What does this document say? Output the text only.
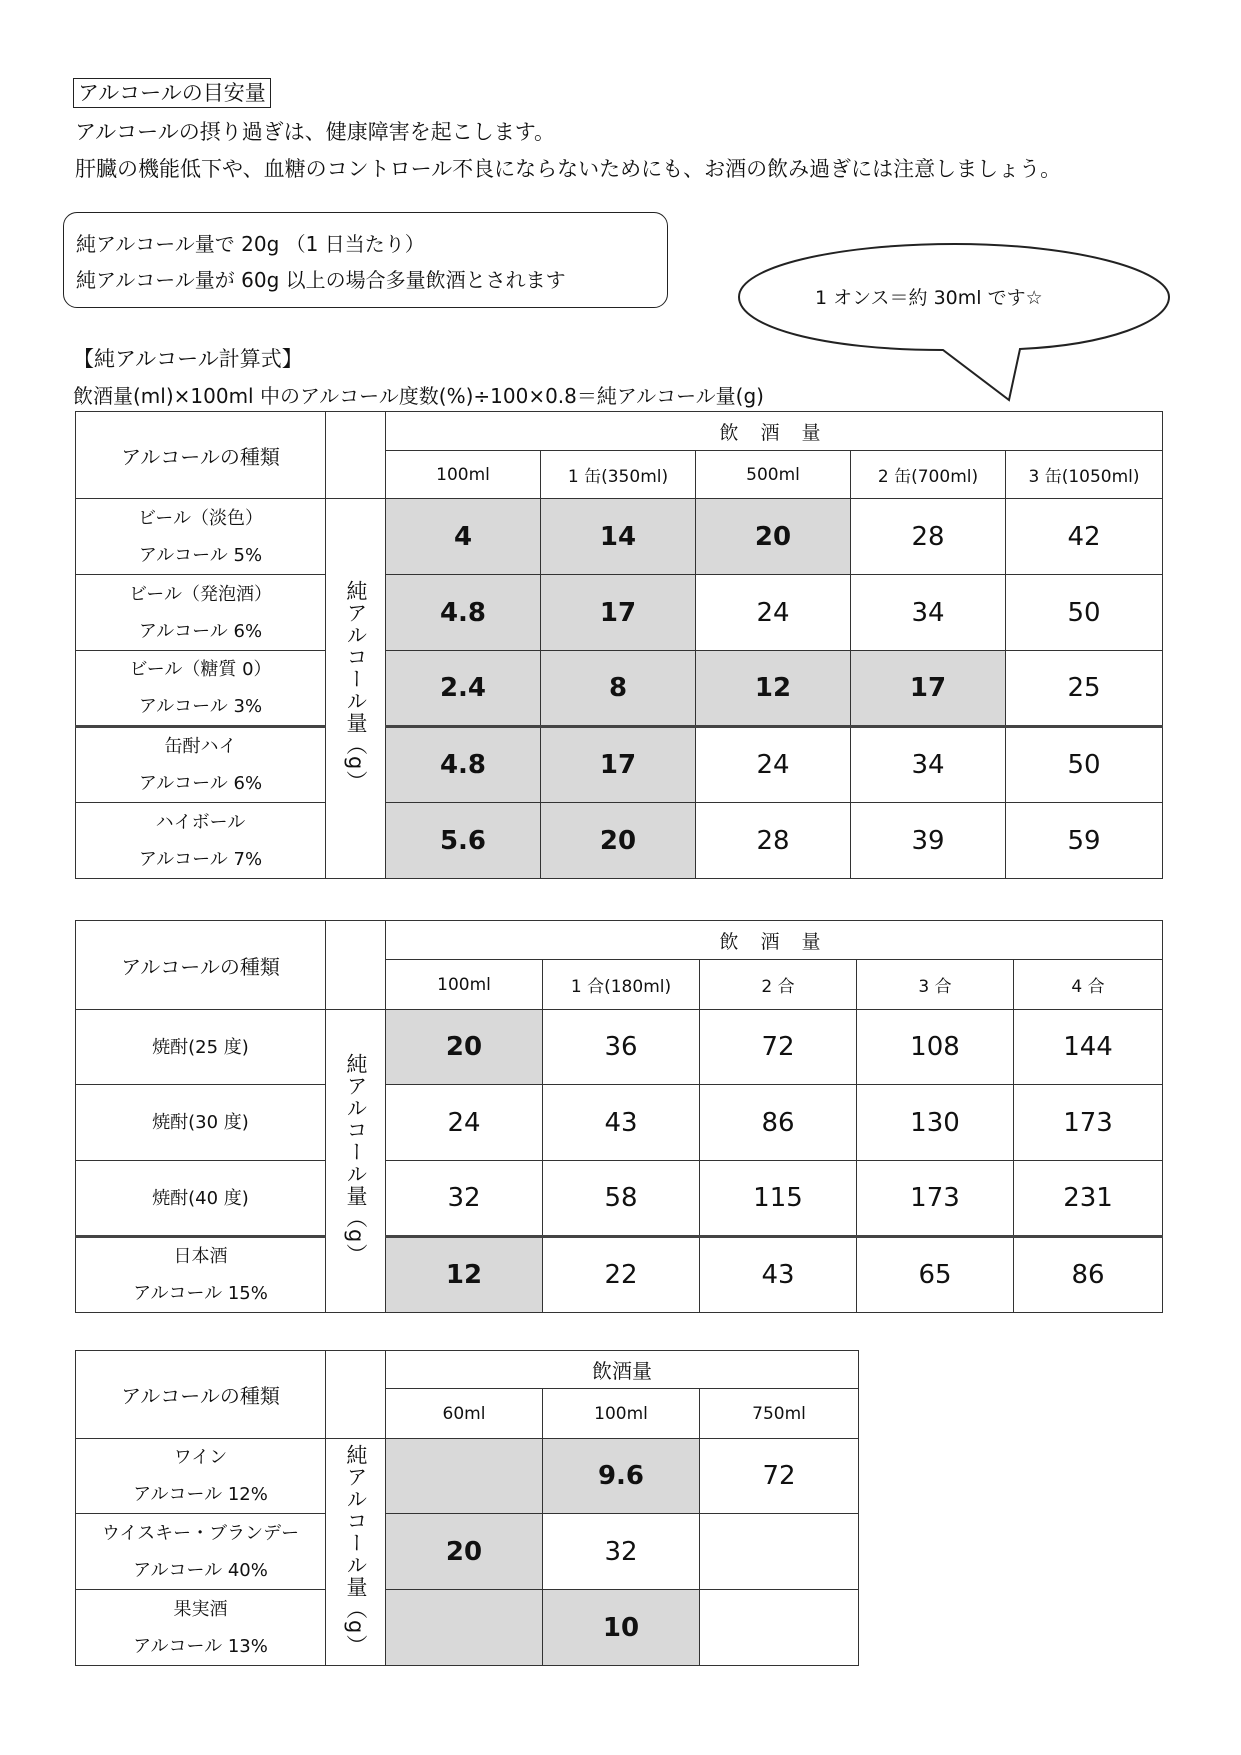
アルコールの目安量
アルコールの摂り過ぎは、健康障害を起こします。
肝臓の機能低下や、血糖のコントロール不良にならないためにも、お酒の飲み過ぎには注意しましょう。
純アルコール量で 20g （1 日当たり）
純アルコール量が 60g 以上の場合多量飲酒とされます
1 オンス＝約 30ml です☆
【純アルコール計算式】
飲酒量(ml)×100ml 中のアルコール度数(%)÷100×0.8＝純アルコール量(g)
アルコールの種類		飲 酒 量				
		100ml	1 缶(350ml)	500ml	2 缶(700ml)	3 缶(1050ml)

ビール（淡色）
アルコール 5%	純アルコール量（g）	4	14	20	28	42

ビール（発泡酒）
アルコール 6%		4.8	17	24	34	50

ビール（糖質 0）
アルコール 3%		2.4	8	12	17	25

缶酎ハイ
アルコール 6%		4.8	17	24	34	50

ハイボール
アルコール 7%		5.6	20	28	39	59
アルコールの種類		飲 酒 量				
		100ml	1 合(180ml)	2 合	3 合	4 合

焼酎(25 度)	純アルコール量（g）	20	36	72	108	144

焼酎(30 度)		24	43	86	130	173

焼酎(40 度)		32	58	115	173	231

日本酒
アルコール 15%		12	22	43	65	86
アルコールの種類		飲酒量		
		60ml	100ml	750ml

ワイン
アルコール 12%	純アルコール量（g）		9.6	72

ウイスキー・ブランデー
アルコール 40%		20	32	

果実酒
アルコール 13%			10	
